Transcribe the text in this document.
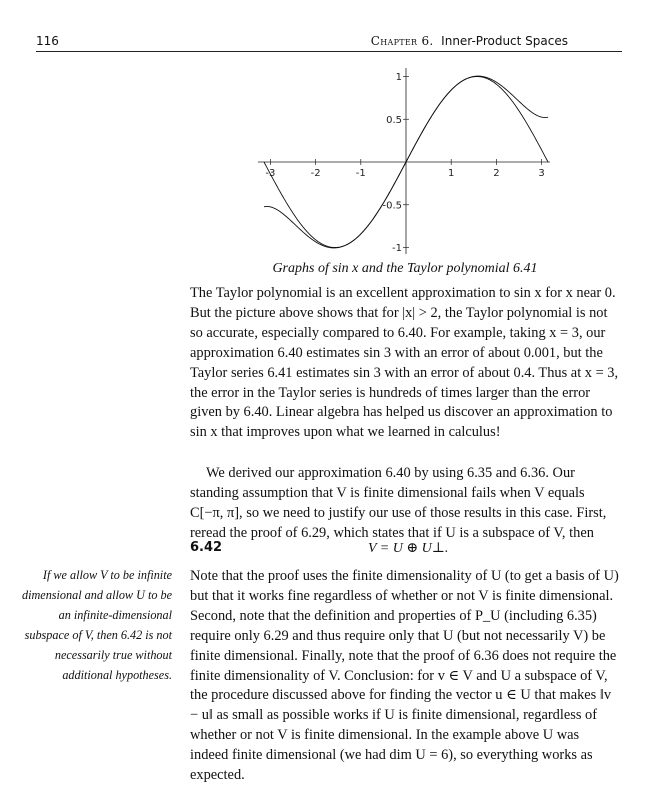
116	Chapter 6. Inner-Product Spaces
-3	-2	-1	1	2	3
1
0.5
-0.5
-1
Graphs of sin x and the Taylor polynomial 6.41

The Taylor polynomial is an excellent approximation to sin x for x near 0. But the picture above shows that for |x| > 2, the Taylor polynomial is not so accurate, especially compared to 6.40. For example, taking x = 3, our approximation 6.40 estimates sin 3 with an error of about 0.001, but the Taylor series 6.41 estimates sin 3 with an error of about 0.4. Thus at x = 3, the error in the Taylor series is hundreds of times larger than the error given by 6.40. Linear algebra has helped us discover an approximation to sin x that improves upon what we learned in calculus!

We derived our approximation 6.40 by using 6.35 and 6.36. Our standing assumption that V is finite dimensional fails when V equals C[−π, π], so we need to justify our use of those results in this case. First, reread the proof of 6.29, which states that if U is a subspace of V, then

6.42	V = U ⊕ U⊥.

Note that the proof uses the finite dimensionality of U (to get a basis of U) but that it works fine regardless of whether or not V is finite dimensional. Second, note that the definition and properties of P_U (including 6.35) require only 6.29 and thus require only that U (but not necessarily V) be finite dimensional. Finally, note that the proof of 6.36 does not require the finite dimensionality of V. Conclusion: for v ∈ V and U a subspace of V, the procedure discussed above for finding the vector u ∈ U that makes ‖v − u‖ as small as possible works if U is finite dimensional, regardless of whether or not V is finite dimensional. In the example above U was indeed finite dimensional (we had dim U = 6), so everything works as expected.

If we allow V to be infinite dimensional and allow U to be an infinite-dimensional subspace of V, then 6.42 is not necessarily true without additional hypotheses.
